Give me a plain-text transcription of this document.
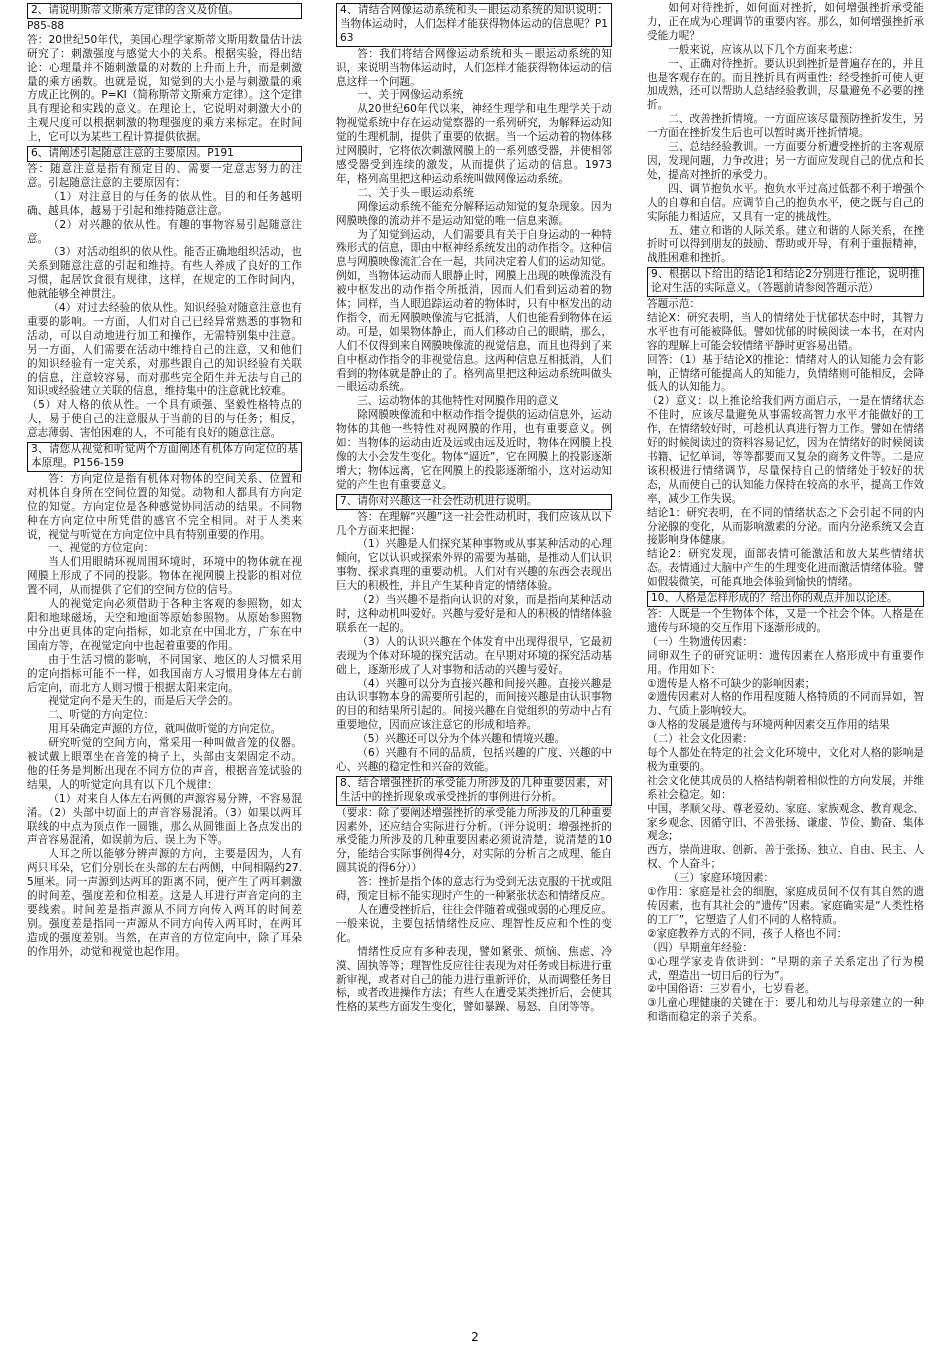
2、请说明斯蒂文斯乘方定律的含义及价值。

P85-88

答：20世纪50年代，美国心理学家斯蒂文斯用数量估计法研究了：刺激强度与感觉大小的关系。根据实验，得出结论：心理量并不随刺激量的对数的上升而上升，而是刺激量的乘方函数。也就是说，知觉到的大小是与刺激量的乘方成正比例的。P=KI（简称斯蒂文斯乘方定律）。这个定律具有理论和实践的意义。在理论上，它说明对刺激大小的主观尺度可以根据刺激的物理强度的乘方来标定。在时间上，它可以为某些工程计算提供依据。

6、请阐述引起随意注意的主要原因。P191

答：随意注意是指有预定目的、需要一定意志努力的注意。引起随意注意的主要原因有：

（1）对注意目的与任务的依从性。目的和任务越明确、越具体，越易于引起和维持随意注意。

（2）对兴趣的依从性。有趣的事物容易引起随意注意。

（3）对活动组织的依从性。能否正确地组织活动，也关系到随意注意的引起和维持。有些人养成了良好的工作习惯，起居饮食很有规律，这样，在规定的工作时间内，他就能够全神贯注。

（4）对过去经验的依从性。知识经验对随意注意也有重要的影响。一方面，人们对自己已经异常熟悉的事物和活动，可以自动地进行加工和操作，无需特别集中注意。另一方面，人们需要在活动中维持自己的注意，又和他们的知识经验有一定关系，对那些跟自己的知识经验有关联的信息，注意较容易，而对那些完全陌生并无法与自己的知识或经验建立关联的信息，维持集中的注意就比较难。

（5）对人格的依从性。一个具有顽强、坚毅性格特点的人，易于使自己的注意服从于当前的目的与任务；相反，意志薄弱、害怕困难的人，不可能有良好的随意注意。

3、请您从视觉和听觉两个方面阐述有机体方向定位的基本原理。P156-159

答：方向定位是指有机体对物体的空间关系、位置和对机体自身所在空间位置的知觉。动物和人都具有方向定位的知觉。方向定位是各种感觉协同活动的结果。不同物种在方向定位中所凭借的感官不完全相同。对于人类来说，视觉与听觉在方向定位中具有特别重要的作用。

一、视觉的方位定向：

当人们用眼睛环视周围环境时，环境中的物体就在视网膜上形成了不同的投影。物体在视网膜上投影的相对位置不同，从而提供了它们的空间方位的信号。

人的视觉定向必须借助于各种主客观的参照物，如太阳和地球磁场，天空和地面等原始参照物。从原始参照物中分出更具体的定向指标，如北京在中国北方，广东在中国南方等，在视觉定向中也起着重要的作用。

由于生活习惯的影响，不同国家、地区的人习惯采用的定向指标可能不一样，如我国南方人习惯用身体左右前后定向，而北方人则习惯于根据太阳来定向。

视觉定向不是天生的，而是后天学会的。

二、听觉的方向定位：

用耳朵确定声源的方位，就叫做听觉的方向定位。

研究听觉的空间方向，常采用一种叫做音笼的仪器。被试戴上眼罩坐在音笼的椅子上，头部由支架固定不动。他的任务是判断出现在不同方位的声音，根据音笼试验的结果，人的听觉定向具有以下几个规律：

（1）对来自人体左右两侧的声源容易分辨，不容易混淆。（2）头部中切面上的声音容易混淆。（3）如果以两耳联线的中点为顶点作一圆锥，那么从圆锥面上各点发出的声音容易混淆，如误前为后、误上为下等。

人耳之所以能够分辨声源的方向，主要是因为，人有两只耳朵，它们分别长在头部的左右两侧，中间相隔约27.5厘米。同一声源到达两耳的距离不同，便产生了两耳刺激的时间差、强度差和位相差。这是人耳进行声音定向的主要线索。时间差是指声源从不同方向传入两耳的时间差别。强度差是指同一声源从不同方向传入两耳时，在两耳造成的强度差别。当然，在声音的方位定向中，除了耳朵的作用外，动觉和视觉也起作用。

4、请结合网像运动系统和头－眼运动系统的知识说明：当物体运动时，人们怎样才能获得物体运动的信息呢？P163

答：我们将结合网像运动系统和头－眼运动系统的知识，来说明当物体运动时，人们怎样才能获得物体运动的信息这样一个问题。

一、关于网像运动系统

从20世纪60年代以来，神经生理学和电生理学关于动物视觉系统中存在运动觉察器的一系列研究，为解释运动知觉的生理机制，提供了重要的依据。当一个运动着的物体移过网膜时，它将依次刺激网膜上的一系列感受器，并使相邻感受器受到连续的激发，从而提供了运动的信息。1973年，格列高里把这种运动系统叫做网像运动系统。

二、关于头－眼运动系统

网像运动系统不能充分解释运动知觉的复杂现象。因为网膜映像的流动并不是运动知觉的唯一信息来源。

为了知觉到运动，人们需要具有关于自身运动的一种特殊形式的信息，即由中枢神经系统发出的动作指令。这种信息与网膜映像流汇合在一起，共同决定着人们的运动知觉。例如，当物体运动而人眼静止时，网膜上出现的映像流没有被中枢发出的动作指令所抵消，因而人们看到运动着的物体；同样，当人眼追踪运动着的物体时，只有中枢发出的动作指令，而无网膜映像流与它抵消，人们也能看到物体在运动。可是，如果物体静止，而人们移动自己的眼睛，那么，人们不仅得到来自网膜映像流的视觉信息，而且也得到了来自中枢动作指令的非视觉信息。这两种信息互相抵消，人们看到的物体就是静止的了。格列高里把这种运动系统叫做头－眼运动系统。

三、运动物体的其他特性对网膜作用的意义

除网膜映像流和中枢动作指令提供的运动信息外，运动物体的其他一些特性对视网膜的作用，也有重要意义。例如：当物体的运动由近及远或由远及近时，物体在网膜上投像的大小会发生变化。物体“逼近”，它在网膜上的投影逐渐增大；物体远离，它在网膜上的投影逐渐缩小，这对运动知觉的产生也有重要意义。

7、请你对兴趣这一社会性动机进行说明。

答：在理解“兴趣”这一社会性动机时，我们应该从以下几个方面来把握：

（1）兴趣是人们探究某种事物或从事某种活动的心理倾向，它以认识或探索外界的需要为基础，是推动人们认识事物、探求真理的重要动机。人们对有兴趣的东西会表现出巨大的积极性，并且产生某种肯定的情绪体验。

（2）当兴趣不是指向认识的对象，而是指向某种活动时，这种动机叫爱好。兴趣与爱好是和人的积极的情绪体验联系在一起的。

（3）人的认识兴趣在个体发育中出现得很早，它最初表现为个体对环境的探究活动。在早期对环境的探究活动基础上，逐渐形成了人对事物和活动的兴趣与爱好。

（4）兴趣可以分为直接兴趣和间接兴趣。直接兴趣是由认识事物本身的需要所引起的，而间接兴趣是由认识事物的目的和结果所引起的。间接兴趣在自觉组织的劳动中占有重要地位，因而应该注意它的形成和培养。

（5）兴趣还可以分为个体兴趣和情境兴趣。

（6）兴趣有不同的品质，包括兴趣的广度、兴趣的中心、兴趣的稳定性和兴奋的效能。

8、结合增强挫折的承受能力所涉及的几种重要因素，对生活中的挫折现象或承受挫折的事例进行分析。

（要求：除了要阐述增强挫折的承受能力所涉及的几种重要因素外，还应结合实际进行分析。（评分说明：增强挫折的承受能力所涉及的几种重要因素必须说清楚，说清楚的10分，能结合实际事例得4分，对实际的分析言之成理、能自圆其说的得6分））

答：挫折是指个体的意志行为受到无法克服的干扰或阻碍，预定目标不能实现时产生的一种紧张状态和情绪反应。

人在遭受挫折后，往往会伴随着或强或弱的心理反应。一般来说，主要包括情绪性反应、理智性反应和个性的变化。

情绪性反应有多种表现，譬如紧张、烦恼、焦虑、冷漠、固执等等；理智性反应往往表现为对任务或目标进行重新审视，或者对自己的能力进行重新评价，从而调整任务目标，或者改进操作方法；有些人在遭受某类挫折后，会使其性格的某些方面发生变化，譬如暴躁、易怒、自闭等等。

如何对待挫折，如何面对挫折，如何增强挫折承受能力，正在成为心理调节的重要内容。那么，如何增强挫折承受能力呢？

一般来说，应该从以下几个方面来考虑：

一、正确对待挫折。要认识到挫折是普遍存在的，并且也是客观存在的。而且挫折具有两重性：经受挫折可使人更加成熟，还可以帮助人总结经验教训，尽量避免不必要的挫折。

二、改善挫折情境。一方面应该尽量预防挫折发生，另一方面在挫折发生后也可以暂时离开挫折情境。

三、总结经验教训。一方面要分析遭受挫折的主客观原因，发现问题，力争改进；另一方面应发现自己的优点和长处，提高对挫折的承受力。

四、调节抱负水平。抱负水平过高过低都不利于增强个人的自尊和自信。应调节自己的抱负水平，使之既与自己的实际能力相适应，又具有一定的挑战性。

五、建立和谐的人际关系。建立和谐的人际关系，在挫折时可以得到朋友的鼓励、帮助或开导，有利于重振精神，战胜困难和挫折。

9、根据以下给出的结论1和结论2分别进行推论，说明推论对生活的实际意义。（答题前请参阅答题示范）

答题示范：

结论X：研究表明，当人的情绪处于忧郁状态中时，其智力水平也有可能被降低。譬如忧郁的时候阅读一本书，在对内容的理解上可能会较情绪平静时更容易出错。

回答：（1）基于结论X的推论：情绪对人的认知能力会有影响，正情绪可能提高人的知能力，负情绪则可能相反，会降低人的认知能力。

（2）意义：以上推论给我们两方面启示，一是在情绪状态不佳时，应该尽量避免从事需较高智力水平才能做好的工作，在情绪较好时，可趁机认真进行智力工作。譬如在情绪好的时候阅读过的资料容易记忆，因为在情绪好的时候阅读书籍、记忆单词，等等都要而又复杂的商务文件等。二是应该积极进行情绪调节，尽量保持自己的情绪处于较好的状态，从而使自己的认知能力保持在较高的水平，提高工作效率，减少工作失误。

结论1：研究表明，在不同的情绪状态之下会引起不同的内分泌腺的变化，从而影响激素的分泌。而内分泌系统又会直接影响身体健康。

结论2：研究发现，面部表情可能激活和放大某些情绪状态。表情通过大脑中产生的生理变化进而激活情绪体验。譬如假装微笑，可能真地会体验到愉快的情绪。

10、人格是怎样形成的？给出你的观点并加以论述。

答：人既是一个生物体个体，又是一个社会个体。人格是在遗传与环境的交互作用下逐渐形成的。

（一）生物遗传因素：

同卵双生子的研究证明：遗传因素在人格形成中有重要作用。作用如下：

①遗传是人格不可缺少的影响因素；

②遗传因素对人格的作用程度随人格特质的不同而异如，智力、气质上影响较大。

③人格的发展是遗传与环境两种因素交互作用的结果

（二）社会文化因素：

每个人都处在特定的社会文化环境中，文化对人格的影响是极为重要的。

社会文化使其成员的人格结构朝着相似性的方向发展，并维系社会稳定。如：

中国，孝顺父母、尊老爱幼、家庭、家族观念、教育观念、家乡观念、因循守旧、不善张扬、谦虚、节俭、勤奋、集体观念；

西方，崇尚进取、创新、善于张扬、独立、自由、民主、人权、个人奋斗；

（三）家庭环境因素：

①作用：家庭是社会的细胞，家庭成员间不仅有其自然的遗传因素，也有其社会的“遗传”因素。家庭确实是“人类性格的工厂”，它塑造了人们不同的人格特质。

②家庭教养方式的不同，孩子人格也不同：

（四）早期童年经验：

①心理学家麦肯依讲到：“早期的亲子关系定出了行为模式，塑造出一切日后的行为”。

②中国俗语：三岁看小，七岁看老。

③儿童心理健康的关键在于：要儿和幼儿与母亲建立的一种和谐而稳定的亲子关系。

2
